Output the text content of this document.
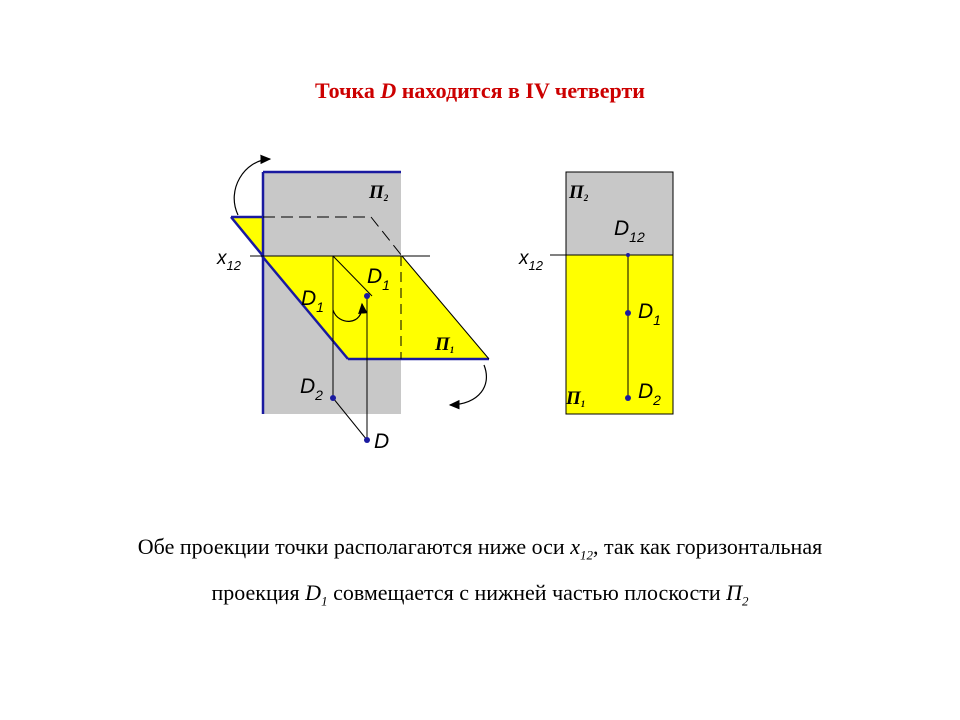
Точка D находится в IV четверти
$x_{12}$
П2
$D_1$
$D_1$
П1
$D_2$
D
П2
$D_{12}$
$x_{12}$
$D_1$
$D_2$
П1
Обе проекции точки располагаются ниже оси $x_{12}$, так как горизонтальная
проекция $D_1$ совмещается с нижней частью плоскости $П_2$
